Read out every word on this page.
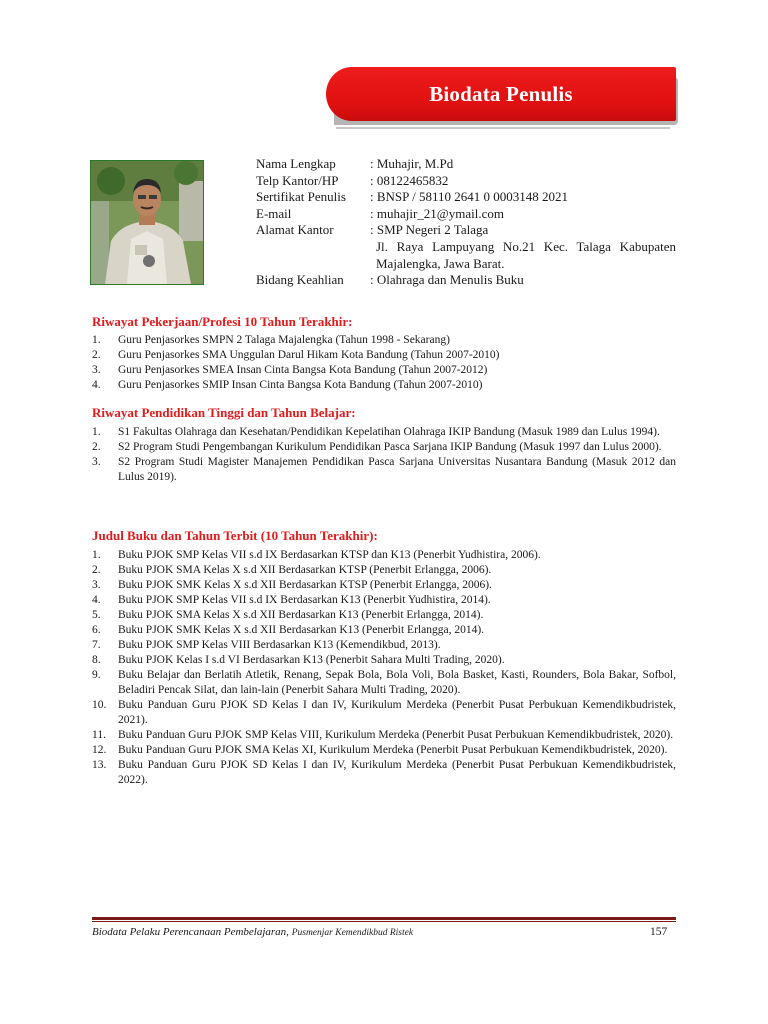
Biodata Penulis
Nama Lengkap	: Muhajir, M.Pd
Telp Kantor/HP	: 08122465832
Sertifikat Penulis	: BNSP / 58110 2641 0 0003148 2021
E-mail	: muhajir_21@ymail.com
Alamat Kantor	: SMP Negeri 2 Talaga
Jl. Raya Lampuyang No.21 Kec. Talaga Kabupaten Majalengka, Jawa Barat.
Bidang Keahlian	: Olahraga dan Menulis Buku
Riwayat Pekerjaan/Profesi 10 Tahun Terakhir:
1.	Guru Penjasorkes SMPN 2 Talaga Majalengka (Tahun 1998 - Sekarang)
2.	Guru Penjasorkes SMA Unggulan Darul Hikam Kota Bandung (Tahun 2007-2010)
3.	Guru Penjasorkes SMEA Insan Cinta Bangsa Kota Bandung (Tahun 2007-2012)
4.	Guru Penjasorkes SMIP Insan Cinta Bangsa Kota Bandung (Tahun 2007-2010)
Riwayat Pendidikan Tinggi dan Tahun Belajar:
1.	S1 Fakultas Olahraga dan Kesehatan/Pendidikan Kepelatihan Olahraga IKIP Bandung (Masuk 1989 dan Lulus 1994).
2.	S2 Program Studi Pengembangan Kurikulum Pendidikan Pasca Sarjana IKIP Bandung (Masuk 1997 dan Lulus 2000).
3.	S2 Program Studi Magister Manajemen Pendidikan Pasca Sarjana Universitas Nusantara Bandung (Masuk 2012 dan Lulus 2019).
Judul Buku dan Tahun Terbit (10 Tahun Terakhir):
1.	Buku PJOK SMP Kelas VII s.d IX Berdasarkan KTSP dan K13 (Penerbit Yudhistira, 2006).
2.	Buku PJOK SMA Kelas X s.d XII Berdasarkan KTSP (Penerbit Erlangga, 2006).
3.	Buku PJOK SMK Kelas X s.d XII Berdasarkan KTSP (Penerbit Erlangga, 2006).
4.	Buku PJOK SMP Kelas VII s.d IX Berdasarkan K13 (Penerbit Yudhistira, 2014).
5.	Buku PJOK SMA Kelas X s.d XII Berdasarkan K13 (Penerbit Erlangga, 2014).
6.	Buku PJOK SMK Kelas X s.d XII Berdasarkan K13 (Penerbit Erlangga, 2014).
7.	Buku PJOK SMP Kelas VIII Berdasarkan K13 (Kemendikbud, 2013).
8.	Buku PJOK Kelas I s.d VI Berdasarkan K13 (Penerbit Sahara Multi Trading, 2020).
9.	Buku Belajar dan Berlatih Atletik, Renang, Sepak Bola, Bola Voli, Bola Basket, Kasti, Rounders, Bola Bakar, Sofbol, Beladiri Pencak Silat, dan lain-lain (Penerbit Sahara Multi Trading, 2020).
10.	Buku Panduan Guru PJOK SD Kelas I dan IV, Kurikulum Merdeka (Penerbit Pusat Perbukuan Kemendikbudristek, 2021).
11.	Buku Panduan Guru PJOK SMP Kelas VIII, Kurikulum Merdeka (Penerbit Pusat Perbukuan Kemendikbudristek, 2020).
12.	Buku Panduan Guru PJOK SMA Kelas XI, Kurikulum Merdeka (Penerbit Pusat Perbukuan Kemendikbudristek, 2020).
13.	Buku Panduan Guru PJOK SD Kelas I dan IV, Kurikulum Merdeka (Penerbit Pusat Perbukuan Kemendikbudristek, 2022).
Biodata Pelaku Perencanaan Pembelajaran, Pusmenjar Kemendikbud Ristek	157
